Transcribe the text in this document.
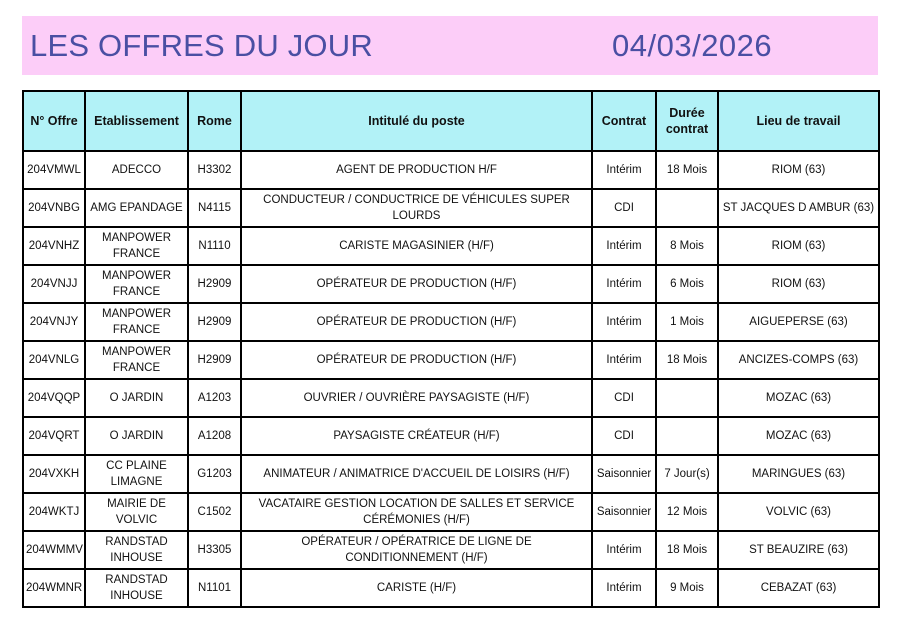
LES OFFRES DU JOUR	04/03/2026
N° Offre	Etablissement	Rome	Intitulé du poste	Contrat	Durée contrat	Lieu de travail
204VMWL	ADECCO	H3302	AGENT DE PRODUCTION H/F	Intérim	18 Mois	RIOM (63)
204VNBG	AMG EPANDAGE	N4115	CONDUCTEUR / CONDUCTRICE DE VÉHICULES SUPER LOURDS	CDI		ST JACQUES D AMBUR (63)
204VNHZ	MANPOWER FRANCE	N1110	CARISTE MAGASINIER (H/F)	Intérim	8 Mois	RIOM (63)
204VNJJ	MANPOWER FRANCE	H2909	OPÉRATEUR DE PRODUCTION (H/F)	Intérim	6 Mois	RIOM (63)
204VNJY	MANPOWER FRANCE	H2909	OPÉRATEUR DE PRODUCTION (H/F)	Intérim	1 Mois	AIGUEPERSE (63)
204VNLG	MANPOWER FRANCE	H2909	OPÉRATEUR DE PRODUCTION (H/F)	Intérim	18 Mois	ANCIZES-COMPS (63)
204VQQP	O JARDIN	A1203	OUVRIER / OUVRIÈRE PAYSAGISTE (H/F)	CDI		MOZAC (63)
204VQRT	O JARDIN	A1208	PAYSAGISTE CRÉATEUR (H/F)	CDI		MOZAC (63)
204VXKH	CC PLAINE LIMAGNE	G1203	ANIMATEUR / ANIMATRICE D'ACCUEIL DE LOISIRS (H/F)	Saisonnier	7 Jour(s)	MARINGUES (63)
204WKTJ	MAIRIE DE VOLVIC	C1502	VACATAIRE GESTION LOCATION DE SALLES ET SERVICE CÉRÉMONIES (H/F)	Saisonnier	12 Mois	VOLVIC (63)
204WMMV	RANDSTAD INHOUSE	H3305	OPÉRATEUR / OPÉRATRICE DE LIGNE DE CONDITIONNEMENT (H/F)	Intérim	18 Mois	ST BEAUZIRE (63)
204WMNR	RANDSTAD INHOUSE	N1101	CARISTE (H/F)	Intérim	9 Mois	CEBAZAT (63)
